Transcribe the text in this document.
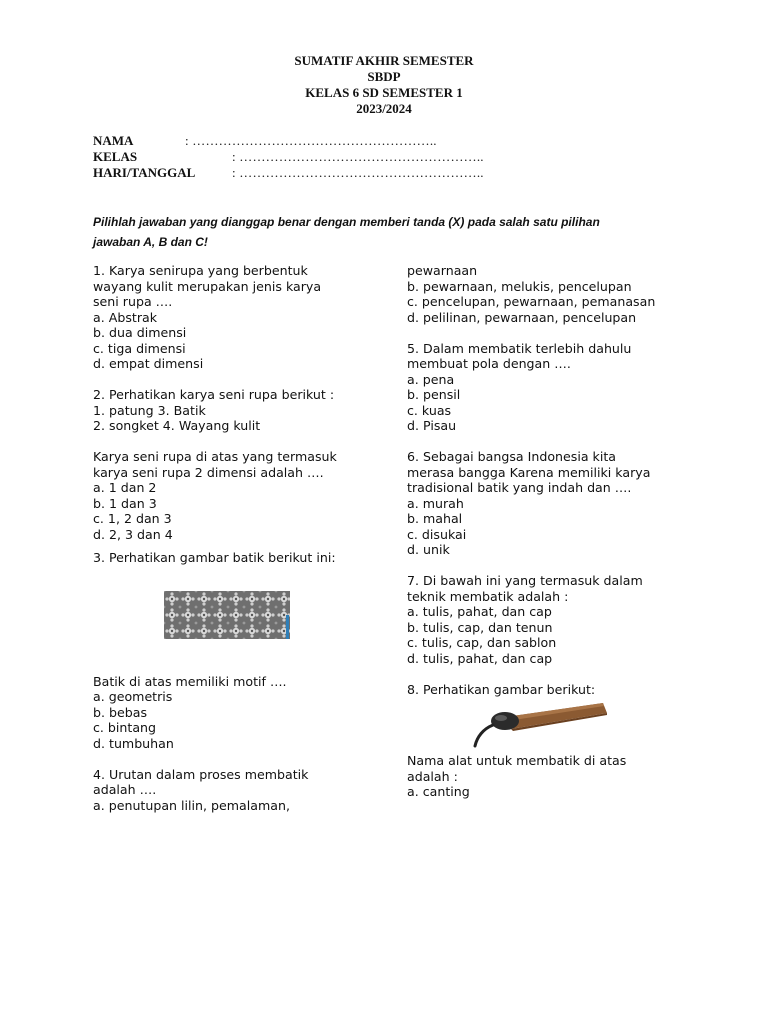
SUMATIF AKHIR SEMESTER
SBDP
KELAS 6 SD SEMESTER 1
2023/2024
NAMA	: ………………………………………………..
KELAS	: ………………………………………………..
HARI/TANGGAL	: ………………………………………………..
Pilihlah jawaban yang dianggap benar dengan memberi tanda (X) pada salah satu pilihan
jawaban A, B dan C!
1. Karya senirupa yang berbentuk
wayang kulit merupakan jenis karya
seni rupa ….
a. Abstrak
b. dua dimensi
c. tiga dimensi
d. empat dimensi
2. Perhatikan karya seni rupa berikut :
1. patung 3. Batik
2. songket 4. Wayang kulit
Karya seni rupa di atas yang termasuk
karya seni rupa 2 dimensi adalah ….
a. 1 dan 2
b. 1 dan 3
c. 1, 2 dan 3
d. 2, 3 dan 4
3. Perhatikan gambar batik berikut ini:
Batik di atas memiliki motif ….
a. geometris
b. bebas
c. bintang
d. tumbuhan
4. Urutan dalam proses membatik
adalah ….
a. penutupan lilin, pemalaman,
pewarnaan
b. pewarnaan, melukis, pencelupan
c. pencelupan, pewarnaan, pemanasan
d. pelilinan, pewarnaan, pencelupan
5. Dalam membatik terlebih dahulu
membuat pola dengan ….
a. pena
b. pensil
c. kuas
d. Pisau
6. Sebagai bangsa Indonesia kita
merasa bangga Karena memiliki karya
tradisional batik yang indah dan ….
a. murah
b. mahal
c. disukai
d. unik
7. Di bawah ini yang termasuk dalam
teknik membatik adalah :
a. tulis, pahat, dan cap
b. tulis, cap, dan tenun
c. tulis, cap, dan sablon
d. tulis, pahat, dan cap
8. Perhatikan gambar berikut:
Nama alat untuk membatik di atas
adalah :
a. canting
